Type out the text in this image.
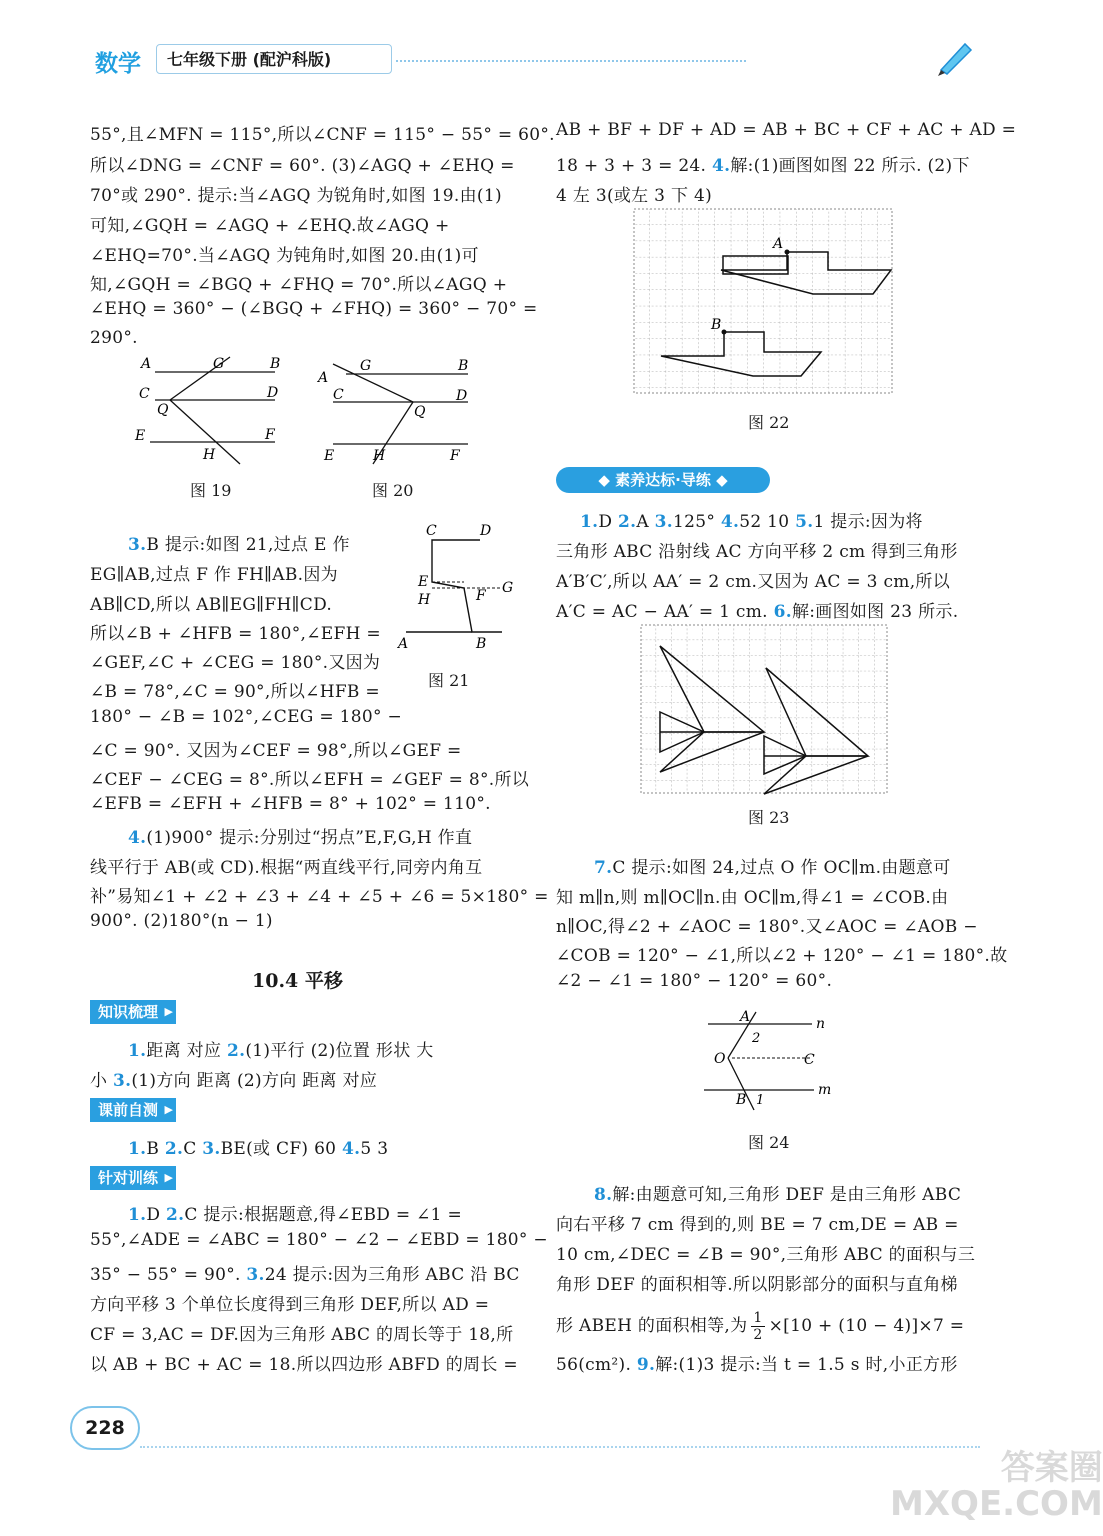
数学	七年级下册 (配沪科版)
55°,且∠MFN = 115°,所以∠CNF = 115° − 55° = 60°.
所以∠DNG = ∠CNF = 60°. (3)∠AGQ + ∠EHQ =
70°或 290°. 提示:当∠AGQ 为锐角时,如图 19.由(1)
可知,∠GQH = ∠AGQ + ∠EHQ.故∠AGQ +
∠EHQ=70°.当∠AGQ 为钝角时,如图 20.由(1)可
知,∠GQH = ∠BGQ + ∠FHQ = 70°.所以∠AGQ +
∠EHQ = 360° − (∠BGQ + ∠FHQ) = 360° − 70° =
290°.
A	G	B
C	D
Q
E	F
H
图 19
G	B
A
C	D
Q
E	H	F
图 20
3.B 提示:如图 21,过点 E 作
EG∥AB,过点 F 作 FH∥AB.因为
AB∥CD,所以 AB∥EG∥FH∥CD.
所以∠B + ∠HFB = 180°,∠EFH =
∠GEF,∠C + ∠CEG = 180°.又因为
∠B = 78°,∠C = 90°,所以∠HFB =
180° − ∠B = 102°,∠CEG = 180° −
∠C = 90°. 又因为∠CEF = 98°,所以∠GEF =
∠CEF − ∠CEG = 8°.所以∠EFH = ∠GEF = 8°.所以
∠EFB = ∠EFH + ∠HFB = 8° + 102° = 110°.
C	D
E	G
H	F
A	B
图 21
4.(1)900° 提示:分别过“拐点”E,F,G,H 作直
线平行于 AB(或 CD).根据“两直线平行,同旁内角互
补”易知∠1 + ∠2 + ∠3 + ∠4 + ∠5 + ∠6 = 5×180° =
900°. (2)180°(n − 1)
10.4 平移
知识梳理 ▶
1.距离 对应 2.(1)平行 (2)位置 形状 大
小 3.(1)方向 距离 (2)方向 距离 对应
课前自测 ▶
1.B 2.C 3.BE(或 CF) 60 4.5 3
针对训练 ▶
1.D 2.C 提示:根据题意,得∠EBD = ∠1 =
55°,∠ADE = ∠ABC = 180° − ∠2 − ∠EBD = 180° −
35° − 55° = 90°. 3.24 提示:因为三角形 ABC 沿 BC
方向平移 3 个单位长度得到三角形 DEF,所以 AD =
CF = 3,AC = DF.因为三角形 ABC 的周长等于 18,所
以 AB + BC + AC = 18.所以四边形 ABFD 的周长 =
AB + BF + DF + AD = AB + BC + CF + AC + AD =
18 + 3 + 3 = 24. 4.解:(1)画图如图 22 所示. (2)下
4 左 3(或左 3 下 4)
A
B
图 22
◆ 素养达标·导练 ◆
1.D 2.A 3.125° 4.52 10 5.1 提示:因为将
三角形 ABC 沿射线 AC 方向平移 2 cm 得到三角形
A′B′C′,所以 AA′ = 2 cm.又因为 AC = 3 cm,所以
A′C = AC − AA′ = 1 cm. 6.解:画图如图 23 所示.
图 23
7.C 提示:如图 24,过点 O 作 OC∥m.由题意可
知 m∥n,则 m∥OC∥n.由 OC∥m,得∠1 = ∠COB.由
n∥OC,得∠2 + ∠AOC = 180°.又∠AOC = ∠AOB −
∠COB = 120° − ∠1,所以∠2 + 120° − ∠1 = 180°.故
∠2 − ∠1 = 180° − 120° = 60°.
A	n
2
O	C
B 1
m
图 24
8.解:由题意可知,三角形 DEF 是由三角形 ABC
向右平移 7 cm 得到的,则 BE = 7 cm,DE = AB =
10 cm,∠DEC = ∠B = 90°,三角形 ABC 的面积与三
角形 DEF 的面积相等.所以阴影部分的面积与直角梯
形 ABEH 的面积相等,为 $\frac{1}{2} \times[10 + (10 - 4)]\times 7$ =
56(cm²). 9.解:(1)3 提示:当 t = 1.5 s 时,小正方形
228
答案圈
MXQE.COM
